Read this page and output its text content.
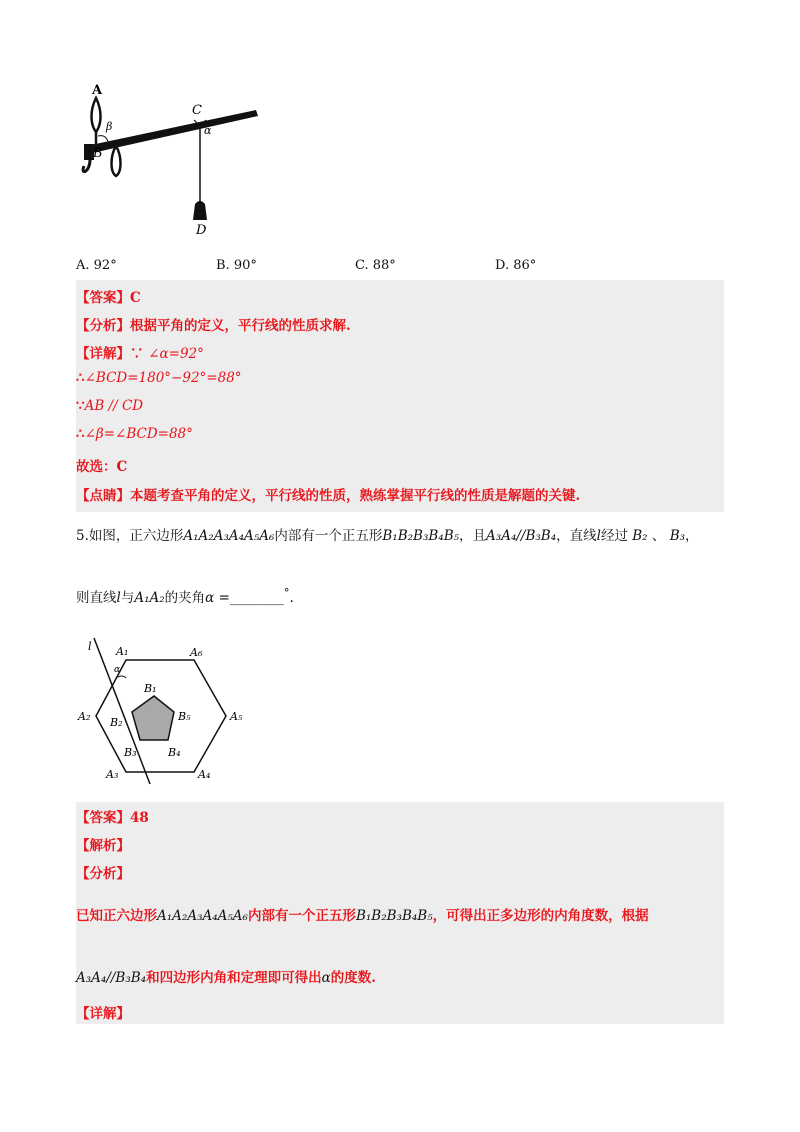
A
β
B
C
α
D
A. 92°	B. 90°	C. 88°	D. 86°
【答案】C
【分析】根据平角的定义，平行线的性质求解.
【详解】∵ ∠α=92°
∴∠BCD=180°−92°=88°
∵AB // CD
∴∠β=∠BCD=88°
故选：C
【点睛】本题考查平角的定义，平行线的性质，熟练掌握平行线的性质是解题的关键.
5.如图，正六边形A₁A₂A₃A₄A₅A₆内部有一个正五形B₁B₂B₃B₄B₅，且A₃A₄//B₃B₄，直线l经过 B₂ 、 B₃，
则直线l与A₁A₂的夹角α =________°.
l A₁
α
A₆
A₂	A₅
A₃	A₄
B₁
B₂	B₅
B₃	B₄
【答案】48
【解析】
【分析】
已知正六边形A₁A₂A₃A₄A₅A₆内部有一个正五形B₁B₂B₃B₄B₅，可得出正多边形的内角度数，根据
A₃A₄//B₃B₄和四边形内角和定理即可得出α的度数.
【详解】
